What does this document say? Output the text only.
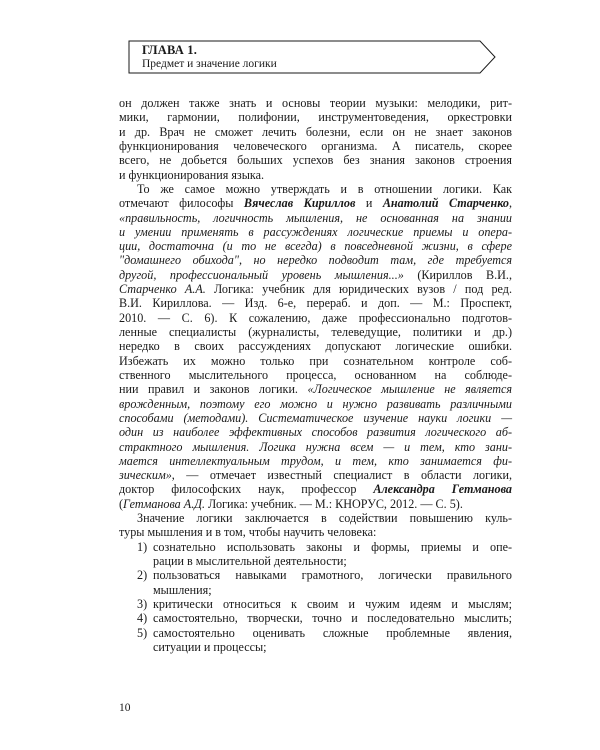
ГЛАВА 1.
Предмет и значение логики
он должен также знать и основы теории музыки: мелодики, рит-
мики, гармонии, полифонии, инструментоведения, оркестровки
и др. Врач не сможет лечить болезни, если он не знает законов
функционирования человеческого организма. А писатель, скорее
всего, не добьется больших успехов без знания законов строения
и функционирования языка.
То же самое можно утверждать и в отношении логики. Как
отмечают философы Вячеслав Кириллов и Анатолий Старченко,
«правильность, логичность мышления, не основанная на знании
и умении применять в рассуждениях логические приемы и опера-
ции, достаточна (и то не всегда) в повседневной жизни, в сфере
"домашнего обихода", но нередко подводит там, где требуется
другой, профессиональный уровень мышления...» (Кириллов В.И.,
Старченко А.А. Логика: учебник для юридических вузов / под ред.
В.И. Кириллова. — Изд. 6-е, перераб. и доп. — М.: Проспект,
2010. — С. 6). К сожалению, даже профессионально подготов-
ленные специалисты (журналисты, телеведущие, политики и др.)
нередко в своих рассуждениях допускают логические ошибки.
Избежать их можно только при сознательном контроле соб-
ственного мыслительного процесса, основанном на соблюде-
нии правил и законов логики. «Логическое мышление не является
врожденным, поэтому его можно и нужно развивать различными
способами (методами). Систематическое изучение науки логики —
один из наиболее эффективных способов развития логического аб-
страктного мышления. Логика нужна всем — и тем, кто зани-
мается интеллектуальным трудом, и тем, кто занимается фи-
зическим», — отмечает известный специалист в области логики,
доктор философских наук, профессор Александра Гетманова
(Гетманова А.Д. Логика: учебник. — М.: КНОРУС, 2012. — С. 5).
Значение логики заключается в содействии повышению куль-
туры мышления и в том, чтобы научить человека:
1) сознательно использовать законы и формы, приемы и опе-
рации в мыслительной деятельности;
2) пользоваться навыками грамотного, логически правильного
мышления;
3) критически относиться к своим и чужим идеям и мыслям;
4) самостоятельно, творчески, точно и последовательно мыслить;
5) самостоятельно оценивать сложные проблемные явления,
ситуации и процессы;
10
